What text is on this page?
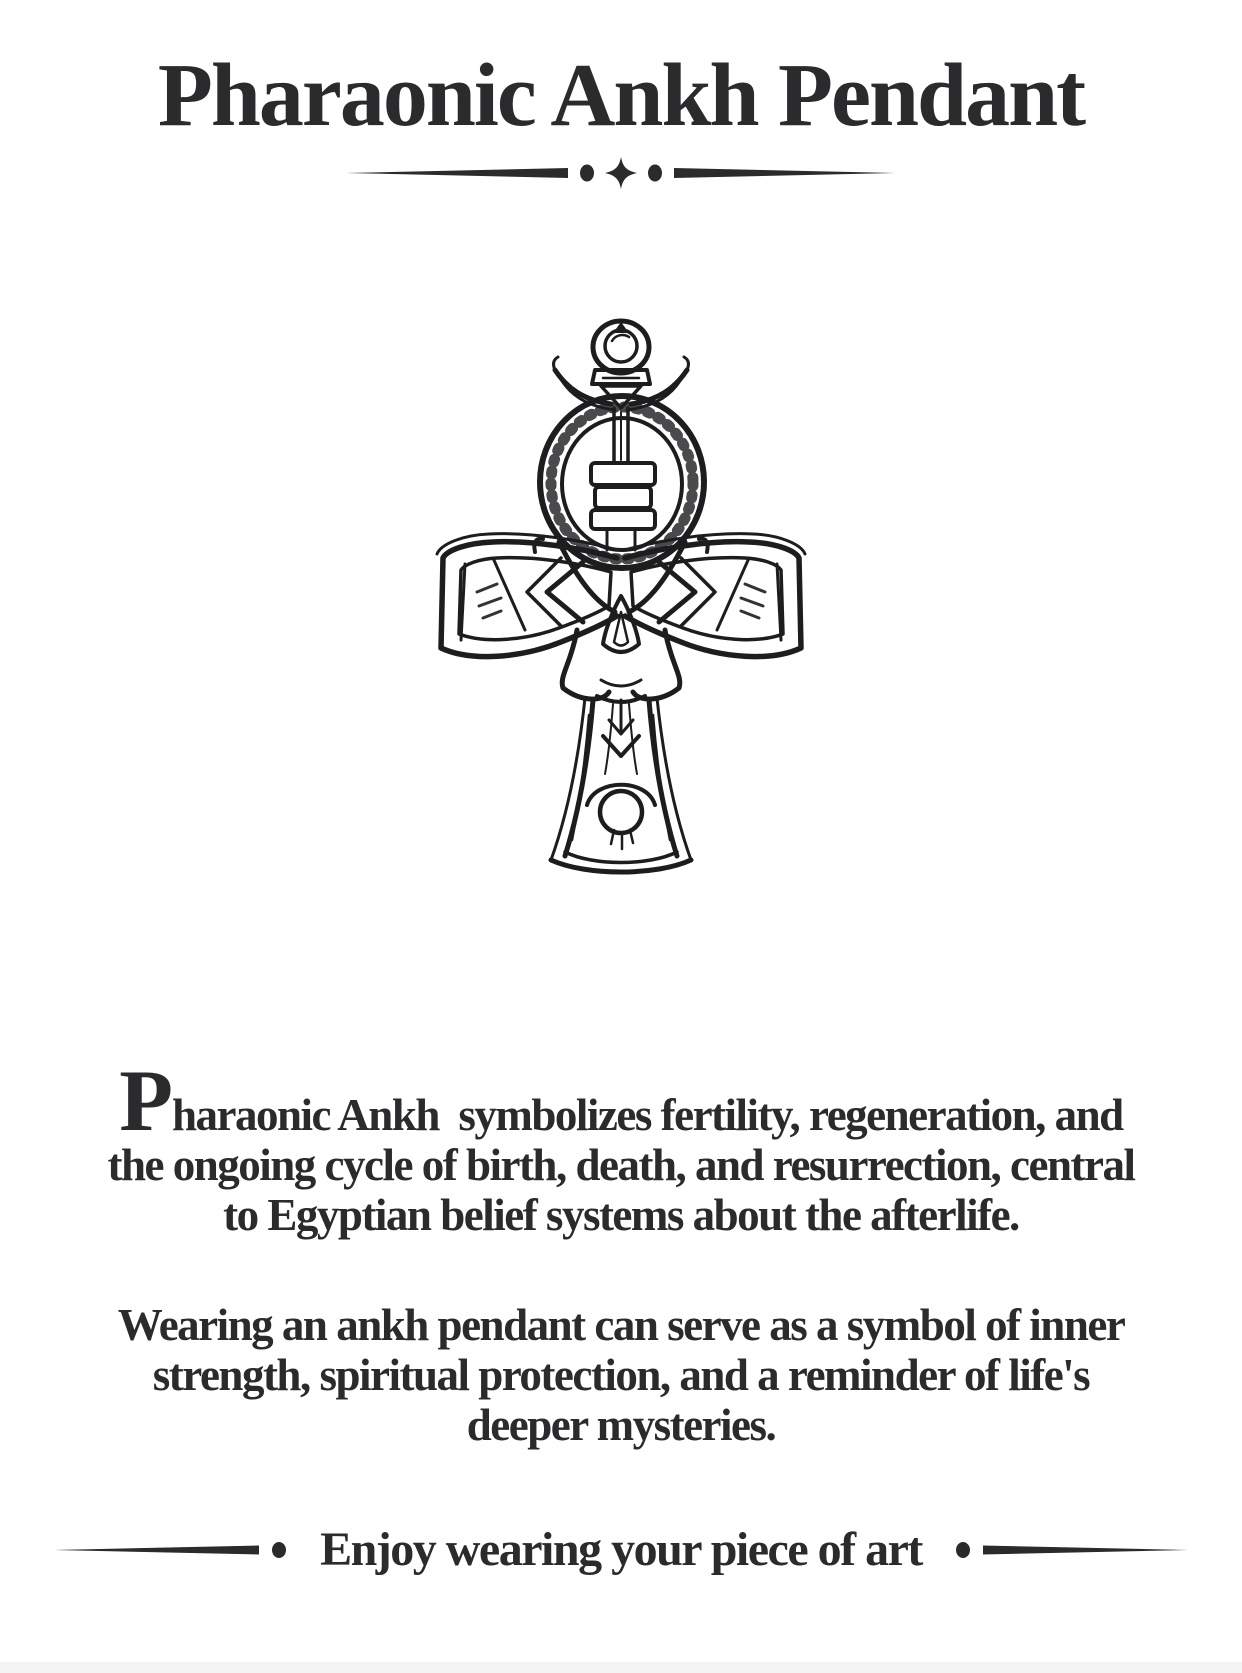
Pharaonic Ankh Pendant
Pharaonic Ankh  symbolizes fertility, regeneration, and
the ongoing cycle of birth, death, and resurrection, central
to Egyptian belief systems about the afterlife.
Wearing an ankh pendant can serve as a symbol of inner
strength, spiritual protection, and a reminder of life's
deeper mysteries.
Enjoy wearing your piece of art
